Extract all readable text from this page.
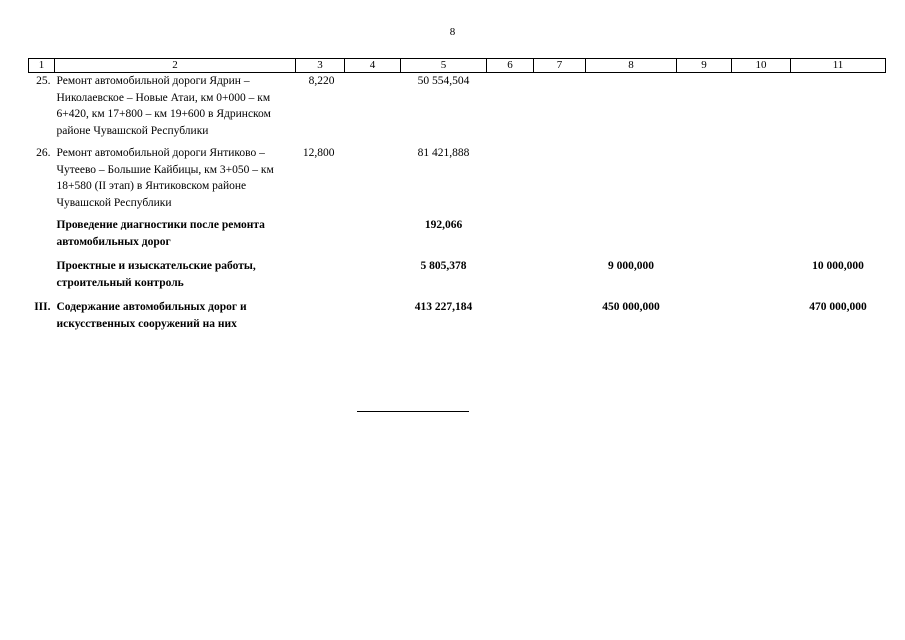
8
1	2	3	4	5	6	7	8	9	10	11
25.	Ремонт автомобильной дороги Ядрин – Николаевское – Новые Атаи, км 0+000 – км 6+420, км 17+800 – км 19+600 в Ядринском районе Чувашской Республики	8,220		50 554,504						
26.	Ремонт автомобильной дороги Янтиково – Чутеево – Большие Кайбицы, км 3+050 – км 18+580 (II этап) в Янтиковском районе Чувашской Республики	12,800		81 421,888						
	Проведение диагностики после ремонта автомобильных дорог			192,066						
	Проектные и изыскательские работы, строительный контроль			5 805,378			9 000,000			10 000,000
III.	Содержание автомобильных дорог и искусственных сооружений на них			413 227,184			450 000,000			470 000,000
